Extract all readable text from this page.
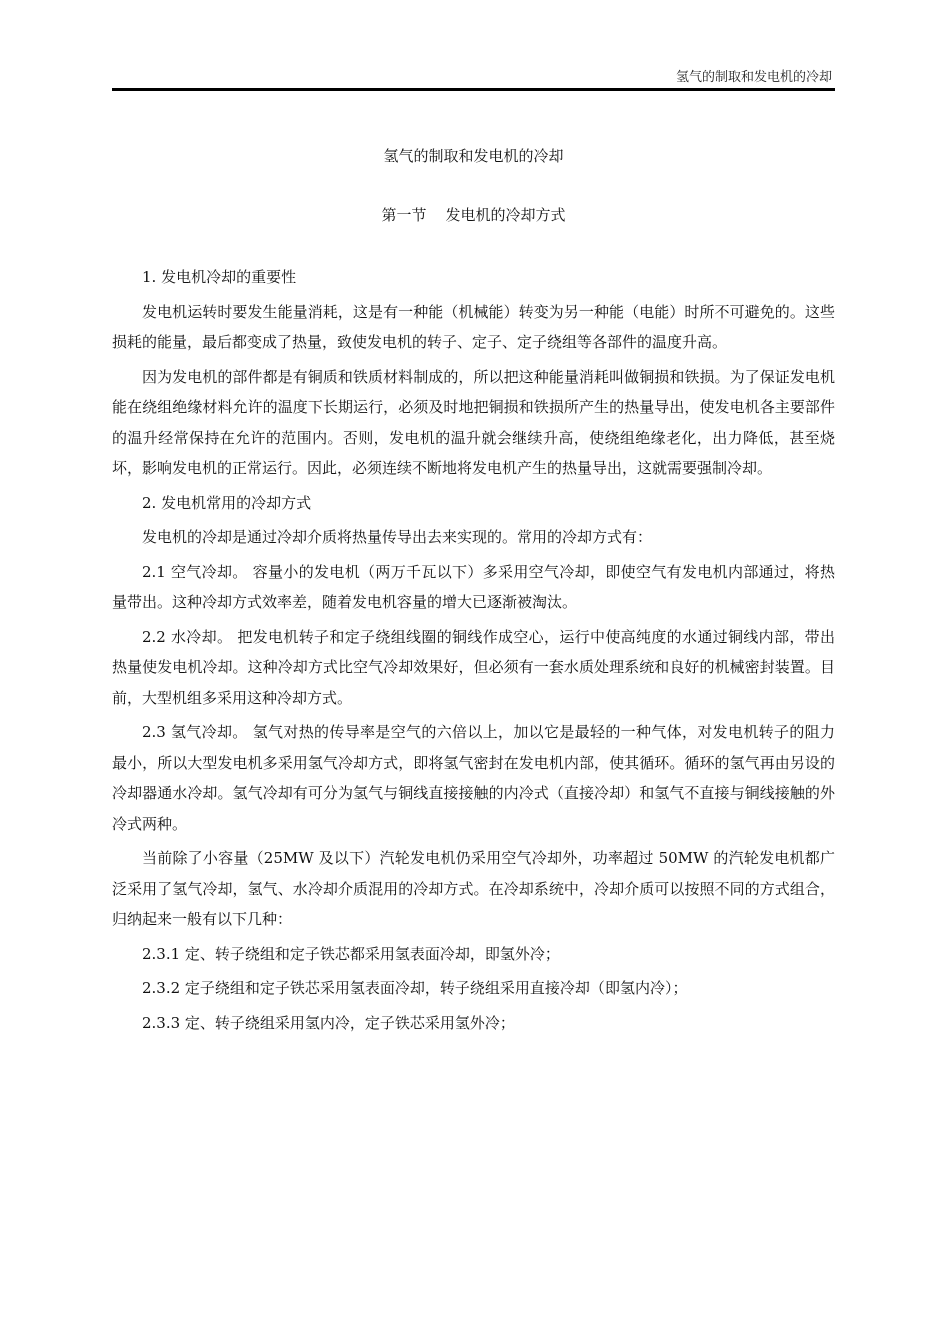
氢气的制取和发电机的冷却
氢气的制取和发电机的冷却
第一节    发电机的冷却方式

1. 发电机冷却的重要性

发电机运转时要发生能量消耗，这是有一种能（机械能）转变为另一种能（电能）时所不可避免的。这些损耗的能量，最后都变成了热量，致使发电机的转子、定子、定子绕组等各部件的温度升高。

因为发电机的部件都是有铜质和铁质材料制成的，所以把这种能量消耗叫做铜损和铁损。为了保证发电机能在绕组绝缘材料允许的温度下长期运行，必须及时地把铜损和铁损所产生的热量导出，使发电机各主要部件的温升经常保持在允许的范围内。否则，发电机的温升就会继续升高，使绕组绝缘老化，出力降低，甚至烧坏，影响发电机的正常运行。因此，必须连续不断地将发电机产生的热量导出，这就需要强制冷却。

2. 发电机常用的冷却方式

发电机的冷却是通过冷却介质将热量传导出去来实现的。常用的冷却方式有：

2.1 空气冷却。 容量小的发电机（两万千瓦以下）多采用空气冷却，即使空气有发电机内部通过，将热量带出。这种冷却方式效率差，随着发电机容量的增大已逐渐被淘汰。

2.2 水冷却。 把发电机转子和定子绕组线圈的铜线作成空心，运行中使高纯度的水通过铜线内部，带出热量使发电机冷却。这种冷却方式比空气冷却效果好，但必须有一套水质处理系统和良好的机械密封装置。目前，大型机组多采用这种冷却方式。

2.3 氢气冷却。 氢气对热的传导率是空气的六倍以上，加以它是最轻的一种气体，对发电机转子的阻力最小，所以大型发电机多采用氢气冷却方式，即将氢气密封在发电机内部，使其循环。循环的氢气再由另设的冷却器通水冷却。氢气冷却有可分为氢气与铜线直接接触的内冷式（直接冷却）和氢气不直接与铜线接触的外冷式两种。

当前除了小容量（25MW 及以下）汽轮发电机仍采用空气冷却外，功率超过 50MW 的汽轮发电机都广泛采用了氢气冷却，氢气、水冷却介质混用的冷却方式。在冷却系统中，冷却介质可以按照不同的方式组合，归纳起来一般有以下几种：

2.3.1 定、转子绕组和定子铁芯都采用氢表面冷却，即氢外冷；

2.3.2 定子绕组和定子铁芯采用氢表面冷却，转子绕组采用直接冷却（即氢内冷）；

2.3.3 定、转子绕组采用氢内冷，定子铁芯采用氢外冷；
